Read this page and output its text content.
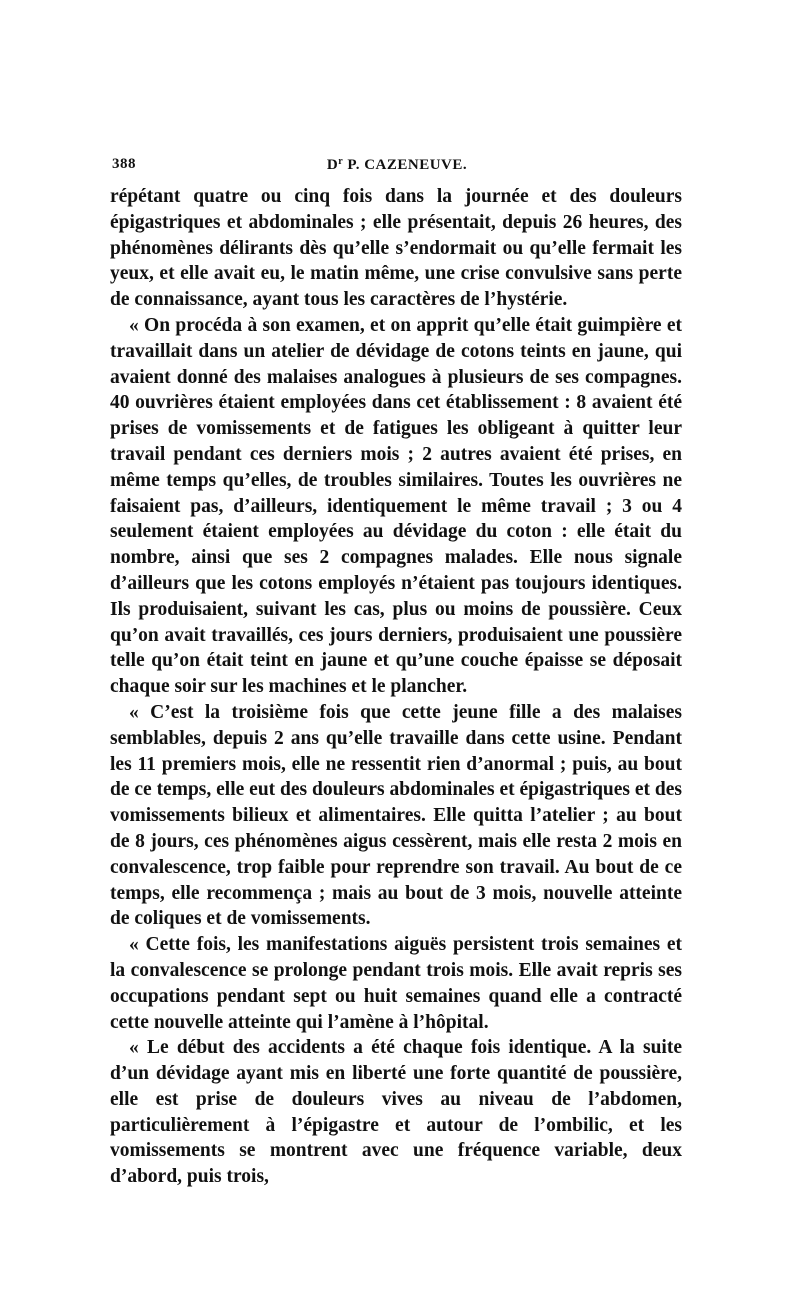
388	$D^r$ P. CAZENEUVE.

répétant quatre ou cinq fois dans la journée et des douleurs épigastriques et abdominales ; elle présentait, depuis 26 heures, des phénomènes délirants dès qu’elle s’endormait ou qu’elle fermait les yeux, et elle avait eu, le matin même, une crise convulsive sans perte de connaissance, ayant tous les caractères de l’hystérie.

« On procéda à son examen, et on apprit qu’elle était guimpière et travaillait dans un atelier de dévidage de cotons teints en jaune, qui avaient donné des malaises analogues à plusieurs de ses compagnes. 40 ouvrières étaient employées dans cet établissement : 8 avaient été prises de vomissements et de fatigues les obligeant à quitter leur travail pendant ces derniers mois ; 2 autres avaient été prises, en même temps qu’elles, de troubles similaires. Toutes les ouvrières ne faisaient pas, d’ailleurs, identiquement le même travail ; 3 ou 4 seulement étaient employées au dévidage du coton : elle était du nombre, ainsi que ses 2 compagnes malades. Elle nous signale d’ailleurs que les cotons employés n’étaient pas toujours identiques. Ils produisaient, suivant les cas, plus ou moins de poussière. Ceux qu’on avait travaillés, ces jours derniers, produisaient une poussière telle qu’on était teint en jaune et qu’une couche épaisse se déposait chaque soir sur les machines et le plancher.

« C’est la troisième fois que cette jeune fille a des malaises semblables, depuis 2 ans qu’elle travaille dans cette usine. Pendant les 11 premiers mois, elle ne ressentit rien d’anormal ; puis, au bout de ce temps, elle eut des douleurs abdominales et épigastriques et des vomissements bilieux et alimentaires. Elle quitta l’atelier ; au bout de 8 jours, ces phénomènes aigus cessèrent, mais elle resta 2 mois en convalescence, trop faible pour reprendre son travail. Au bout de ce temps, elle recommença ; mais au bout de 3 mois, nouvelle atteinte de coliques et de vomissements.

« Cette fois, les manifestations aiguës persistent trois semaines et la convalescence se prolonge pendant trois mois. Elle avait repris ses occupations pendant sept ou huit semaines quand elle a contracté cette nouvelle atteinte qui l’amène à l’hôpital.

« Le début des accidents a été chaque fois identique. A la suite d’un dévidage ayant mis en liberté une forte quantité de poussière, elle est prise de douleurs vives au niveau de l’abdomen, particulièrement à l’épigastre et autour de l’ombilic, et les vomissements se montrent avec une fréquence variable, deux d’abord, puis trois,
